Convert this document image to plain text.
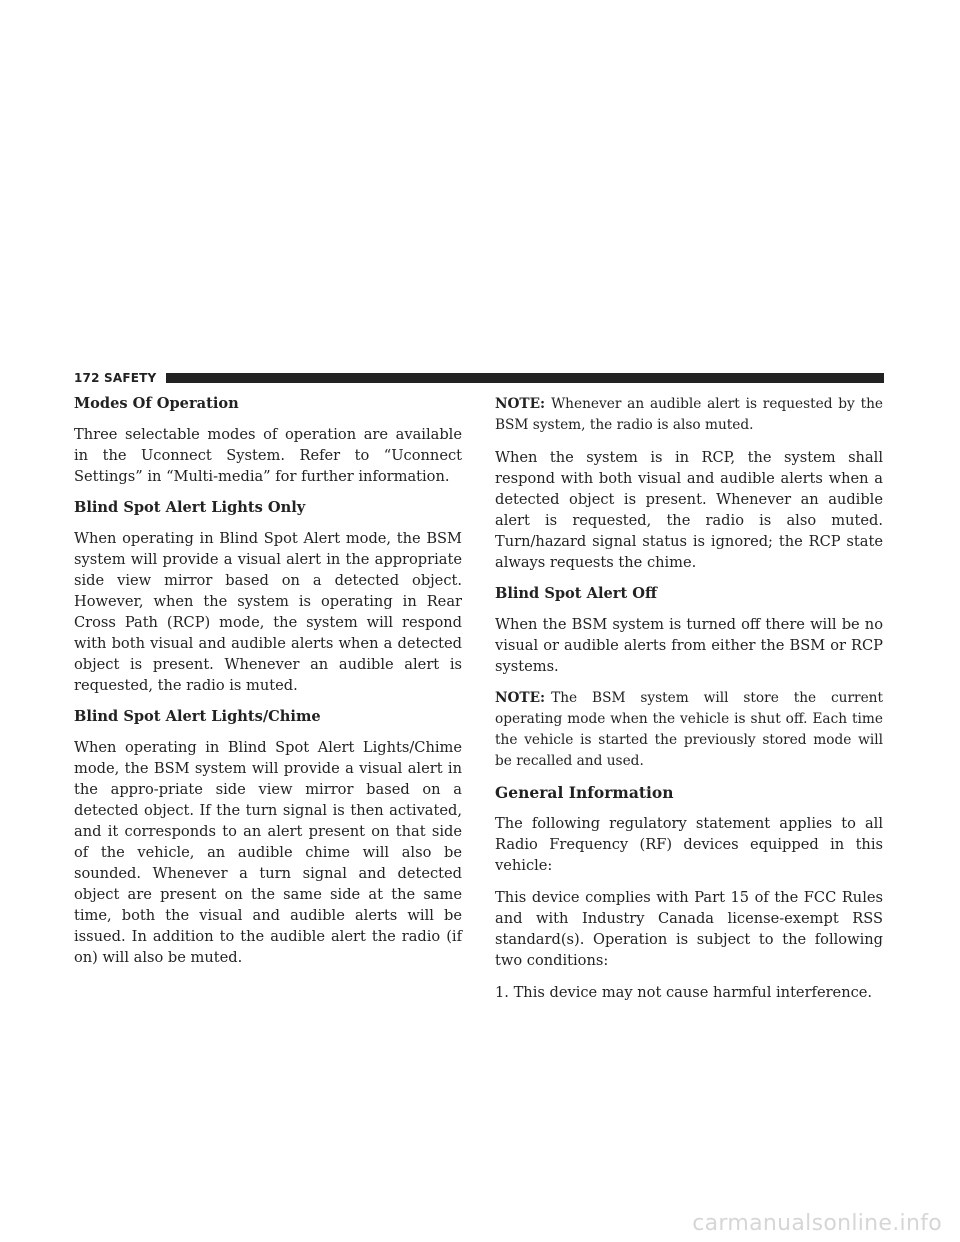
172 SAFETY
Modes Of Operation

Three selectable modes of operation are available in the Uconnect System. Refer to “Uconnect Settings” in “Multi-media” for further information.

Blind Spot Alert Lights Only

When operating in Blind Spot Alert mode, the BSM system will provide a visual alert in the appropriate side view mirror based on a detected object. However, when the system is operating in Rear Cross Path (RCP) mode, the system will respond with both visual and audible alerts when a detected object is present. Whenever an audible alert is requested, the radio is muted.

Blind Spot Alert Lights/Chime

When operating in Blind Spot Alert Lights/Chime mode, the BSM system will provide a visual alert in the appro-priate side view mirror based on a detected object. If the turn signal is then activated, and it corresponds to an alert present on that side of the vehicle, an audible chime will also be sounded. Whenever a turn signal and detected object are present on the same side at the same time, both the visual and audible alerts will be issued. In addition to the audible alert the radio (if on) will also be muted.

NOTE: Whenever an audible alert is requested by the BSM system, the radio is also muted.

When the system is in RCP, the system shall respond with both visual and audible alerts when a detected object is present. Whenever an audible alert is requested, the radio is also muted. Turn/hazard signal status is ignored; the RCP state always requests the chime.

Blind Spot Alert Off

When the BSM system is turned off there will be no visual or audible alerts from either the BSM or RCP systems.

NOTE: The BSM system will store the current operating mode when the vehicle is shut off. Each time the vehicle is started the previously stored mode will be recalled and used.

General Information

The following regulatory statement applies to all Radio Frequency (RF) devices equipped in this vehicle:

This device complies with Part 15 of the FCC Rules and with Industry Canada license-exempt RSS standard(s). Operation is subject to the following two conditions:

1. This device may not cause harmful interference.

carmanualsonline.info
